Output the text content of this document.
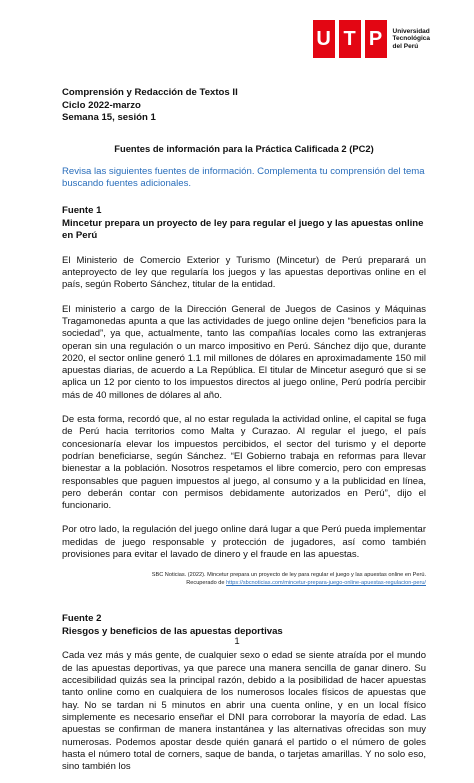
U T P	Universidad
Tecnológica
del Perú
Comprensión y Redacción de Textos II
Ciclo 2022-marzo
Semana 15, sesión 1
Fuentes de información para la Práctica Calificada 2 (PC2)
Revisa las siguientes fuentes de información. Complementa tu comprensión del tema buscando fuentes adicionales.
Fuente 1
Mincetur prepara un proyecto de ley para regular el juego y las apuestas online en Perú

El Ministerio de Comercio Exterior y Turismo (Mincetur) de Perú preparará un anteproyecto de ley que regularía los juegos y las apuestas deportivas online en el país, según Roberto Sánchez, titular de la entidad.

El ministerio a cargo de la Dirección General de Juegos de Casinos y Máquinas Tragamonedas apunta a que las actividades de juego online dejen “beneficios para la sociedad”, ya que, actualmente, tanto las compañías locales como las extranjeras operan sin una regulación o un marco impositivo en Perú. Sánchez dijo que, durante 2020, el sector online generó 1.1 mil millones de dólares en aproximadamente 150 mil apuestas diarias, de acuerdo a La República. El titular de Mincetur aseguró que si se aplica un 12 por ciento to los impuestos directos al juego online, Perú podría percibir más de 40 millones de dólares al año.

De esta forma, recordó que, al no estar regulada la actividad online, el capital se fuga de Perú hacia territorios como Malta y Curazao. Al regular el juego, el país concesionaría elevar los impuestos percibidos, el sector del turismo y el deporte podrían beneficiarse, según Sánchez. “El Gobierno trabaja en reformas para llevar bienestar a la población. Nosotros respetamos el libre comercio, pero con empresas responsables que paguen impuestos al juego, al consumo y a la publicidad en línea, pero deberán contar con permisos debidamente autorizados en Perú”, dijo el funcionario.

Por otro lado, la regulación del juego online dará lugar a que Perú pueda implementar medidas de juego responsable y protección de jugadores, así como también provisiones para evitar el lavado de dinero y el fraude en las apuestas.

SBC Noticias. (2022). Mincetur prepara un proyecto de ley para regular el juego y las apuestas online en Perú.
Recuperado de https://sbcnoticias.com/mincetur-prepara-juego-online-apuestas-regulacion-peru/
Fuente 2
Riesgos y beneficios de las apuestas deportivas

Cada vez más y más gente, de cualquier sexo o edad se siente atraída por el mundo de las apuestas deportivas, ya que parece una manera sencilla de ganar dinero. Su accesibilidad quizás sea la principal razón, debido a la posibilidad de hacer apuestas tanto online como en cualquiera de los numerosos locales físicos de apuestas que hay. No se tardan ni 5 minutos en abrir una cuenta online, y en un local físico simplemente es necesario enseñar el DNI para corroborar la mayoría de edad. Las apuestas se confirman de manera instantánea y las alternativas ofrecidas son muy numerosas. Podemos apostar desde quién ganará el partido o el número de goles hasta el número total de corners, saque de banda, o tarjetas amarillas. Y no solo eso, sino también los

1
